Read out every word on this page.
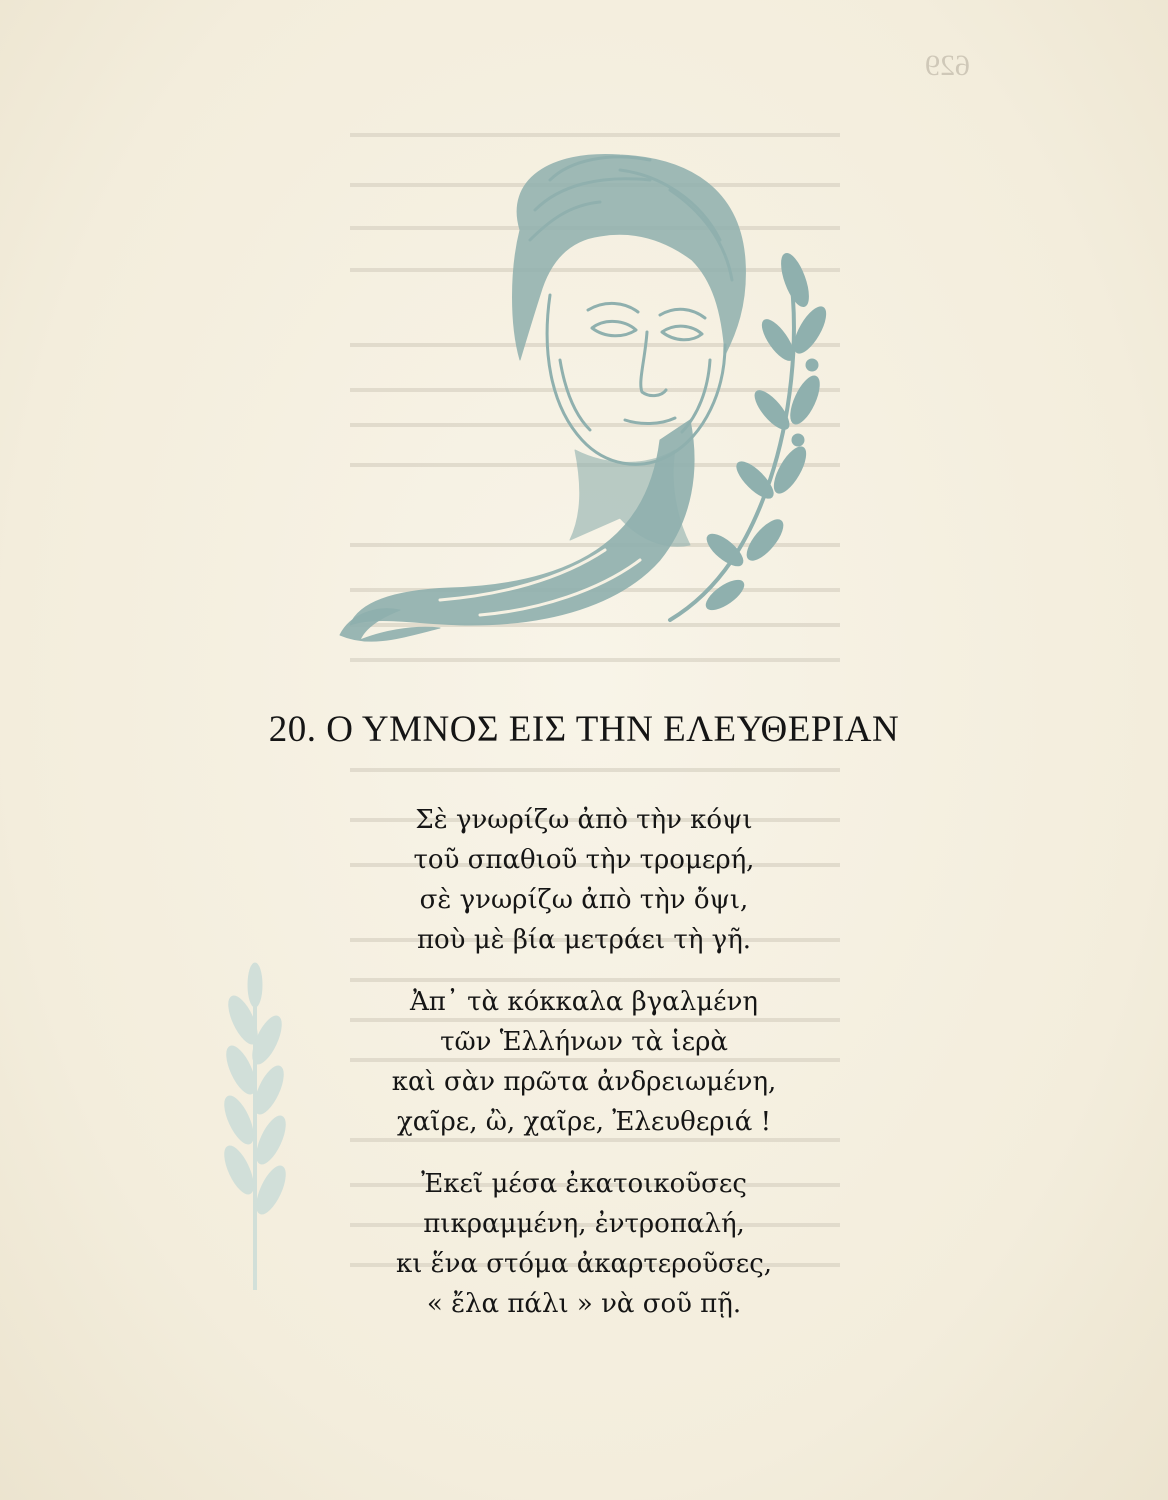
629
20. Ο ΥΜΝΟΣ ΕΙΣ ΤΗΝ ΕΛΕΥΘΕΡΙΑΝ
Σὲ γνωρίζω ἀπὸ τὴν κόψι
τοῦ σπαθιοῦ τὴν τρομερή,
σὲ γνωρίζω ἀπὸ τὴν ὄψι,
ποὺ μὲ βία μετράει τὴ γῆ.
Ἀπ᾽ τὰ κόκκαλα βγαλμένη
τῶν Ἑλλήνων τὰ ἱερὰ
καὶ σὰν πρῶτα ἀνδρειωμένη,
χαῖρε, ὢ, χαῖρε, Ἐλευθεριά !
Ἐκεῖ μέσα ἐκατοικοῦσες
πικραμμένη, ἐντροπαλή,
κι ἕνα στόμα ἀκαρτεροῦσες,
« ἔλα πάλι » νὰ σοῦ πῇ.
